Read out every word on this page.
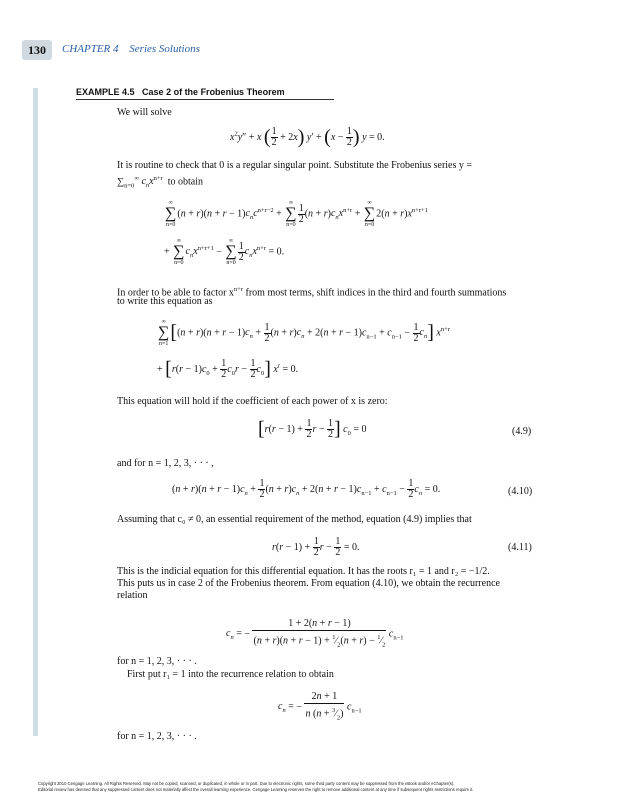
130	CHAPTER 4 Series Solutions
EXAMPLE 4.5 Case 2 of the Frobenius Theorem
We will solve
$x^2y'' + x$ ( $\frac{1}{2} + 2x$) $y' + (x - \frac{1}{2}$ ) y = 0.
It is routine to check that 0 is a regular singular point. Substitute the Frobenius series y =
$\sum_{n=0}^\infty$ $c_nx^{n+r}$ to obtain
∞
∑
n=0
$(n + r)(n + r - 1)c_nc^{n+r-2}$ +
∞
∑
n=0
$\frac{1}{2} (n + r)c_nx^{n+r}$ +
∞
∑
n=0
$2(n + r)x^{n+r+1}$
+
∞
∑
n=0
$c_nx^{n+r+1}$ −
∞
∑
n=0
$\frac{1}{2} c_nx^{n+r} = 0$.
In order to be able to factor $x^{n+r}$ from most terms, shift indices in the third and fourth summations
to write this equation as
∞
∑
n=1
$[(n + r)(n + r - 1)c_n + \frac{1}{2} (n + r)c_n + 2(n + r - 1)c_{n-1} + c_{n-1} - \frac{1}{2} c_n]$ $x^{n+r}$
+ $[r(r - 1)c_0 + \frac{1}{2} c_0r - \frac{1}{2} c_0]$ $x^r = 0$.
This equation will hold if the coefficient of each power of x is zero:
[$r(r - 1) + \frac{1}{2}$ $r - \frac{1}{2}$ ] $c_0 = 0$	(4.9)
and for n = 1, 2, 3, · · · ,
$(n + r)(n + r - 1)c_n + \frac{1}{2} (n + r)c_n + 2(n + r - 1)c_{n-1} + c_{n-1} - \frac{1}{2} c_n = 0$.	(4.10)
Assuming that c₀ ≠ 0, an essential requirement of the method, equation (4.9) implies that
$r(r - 1) + \frac{1}{2}$ $r - \frac{1}{2} = 0$.	(4.11)
This is the indicial equation for this differential equation. It has the roots r₁ = 1 and r₂ = −1/2.
This puts us in case 2 of the Frobenius theorem. From equation (4.10), we obtain the recurrence
relation
$c_n$ = − $\frac{1 + 2(n + r - 1)}{(n + r)(n + r - 1) + ^1⁄_2(n + r) - ^1⁄_2} c_{n-1}$
for n = 1, 2, 3, · · · .
First put r₁ = 1 into the recurrence relation to obtain
$c_n$ = − $\frac{2n + 1}{n (n + ^3⁄_2)} c_{n-1}$
for n = 1, 2, 3, · · · .
Copyright 2010 Cengage Learning. All Rights Reserved. May not be copied, scanned, or duplicated, in whole or in part. Due to electronic rights, some third party content may be suppressed from the eBook and/or eChapter(s).
Editorial review has deemed that any suppressed content does not materially affect the overall learning experience. Cengage Learning reserves the right to remove additional content at any time if subsequent rights restrictions require it.
